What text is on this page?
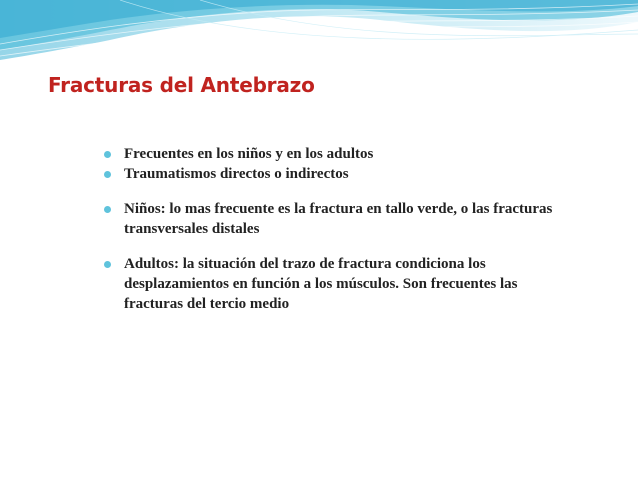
Fracturas del Antebrazo
Frecuentes en los niños y en los adultos
Traumatismos directos o indirectos
Niños: lo mas frecuente es la fractura en tallo verde, o las fracturas transversales distales
Adultos: la situación del trazo de fractura condiciona los desplazamientos en función a los músculos. Son frecuentes las fracturas del tercio medio
